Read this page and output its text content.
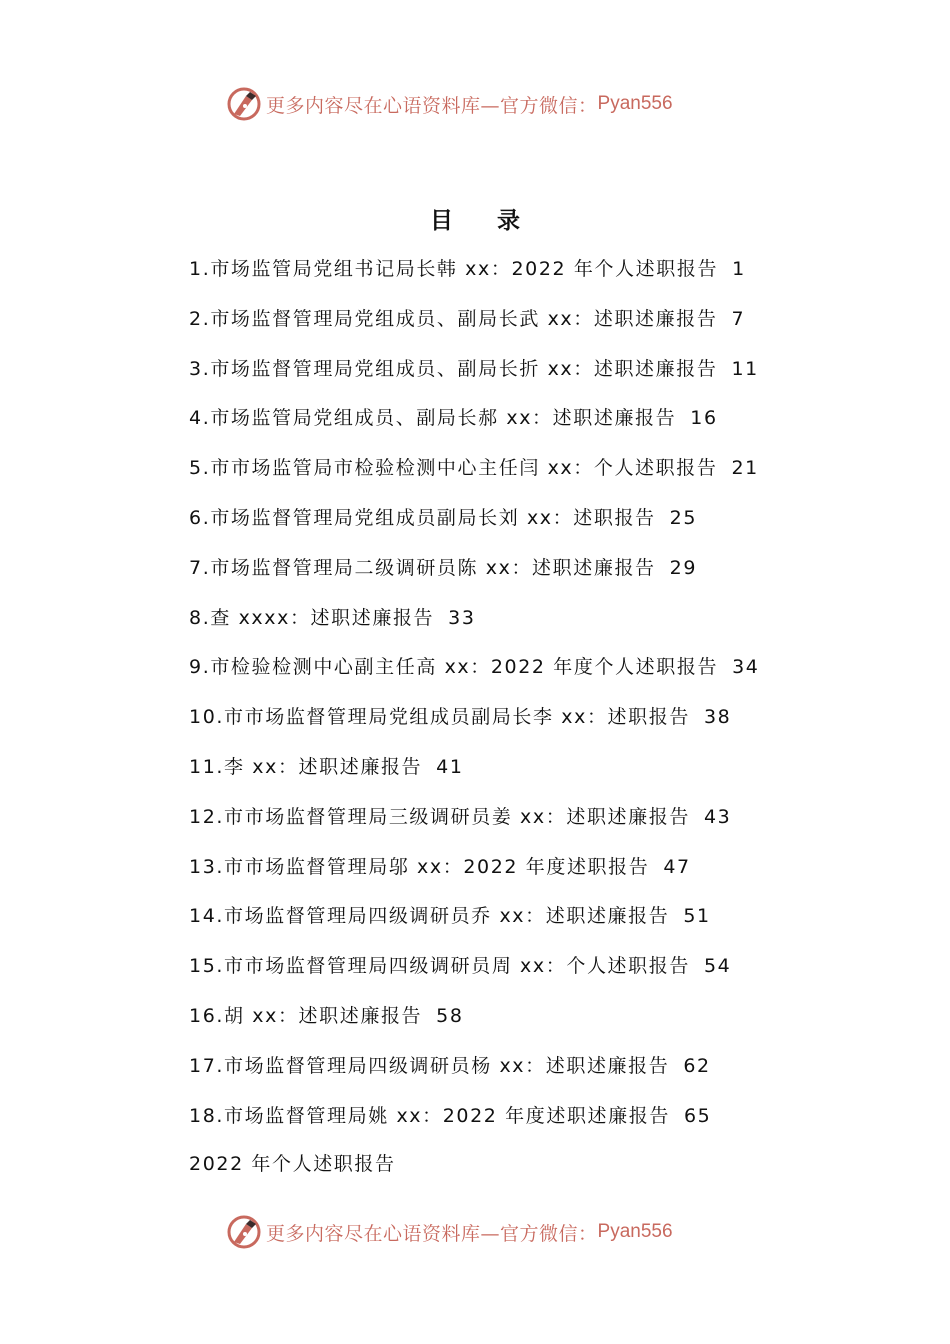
更多内容尽在心语资料库—官方微信： Pyan556
目 录
1.市场监管局党组书记局长韩 xx：2022 年个人述职报告 1
2.市场监督管理局党组成员、副局长武 xx：述职述廉报告 7
3.市场监督管理局党组成员、副局长折 xx：述职述廉报告 11
4.市场监管局党组成员、副局长郝 xx：述职述廉报告 16
5.市市场监管局市检验检测中心主任闫 xx：个人述职报告 21
6.市场监督管理局党组成员副局长刘 xx：述职报告 25
7.市场监督管理局二级调研员陈 xx：述职述廉报告 29
8.查 xxxx：述职述廉报告 33
9.市检验检测中心副主任高 xx：2022 年度个人述职报告 34
10.市市场监督管理局党组成员副局长李 xx：述职报告 38
11.李 xx：述职述廉报告 41
12.市市场监督管理局三级调研员姜 xx：述职述廉报告 43
13.市市场监督管理局邬 xx：2022 年度述职报告 47
14.市场监督管理局四级调研员乔 xx：述职述廉报告 51
15.市市场监督管理局四级调研员周 xx：个人述职报告 54
16.胡 xx：述职述廉报告 58
17.市场监督管理局四级调研员杨 xx：述职述廉报告 62
18.市场监督管理局姚 xx：2022 年度述职述廉报告 65
2022 年个人述职报告
更多内容尽在心语资料库—官方微信： Pyan556
